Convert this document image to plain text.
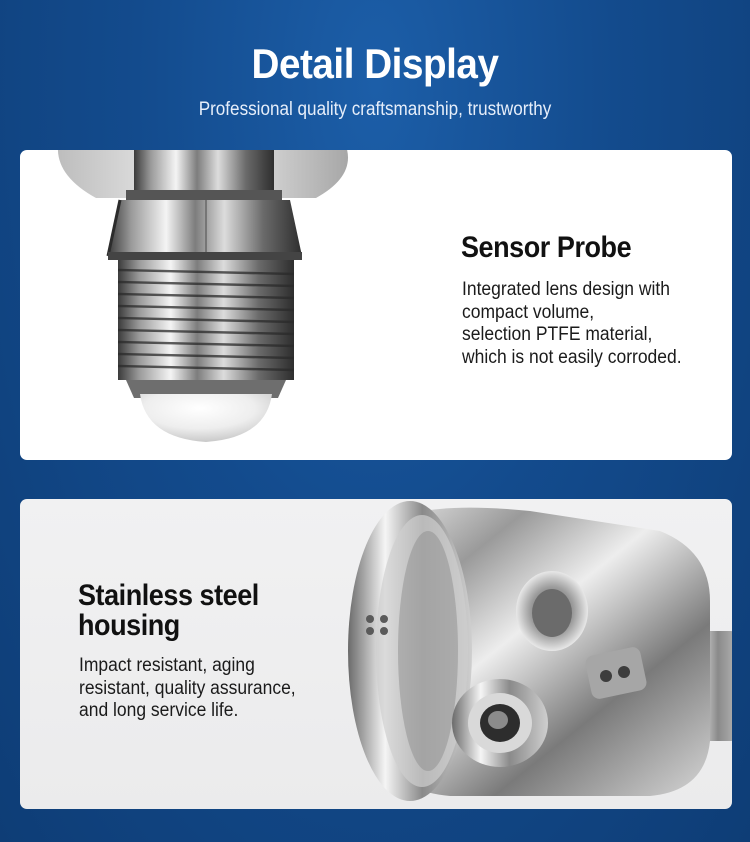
Detail Display
Professional quality craftsmanship, trustworthy
Sensor Probe
Integrated lens design with
compact volume,
selection PTFE material,
which is not easily corroded.
Stainless steel
housing
Impact resistant, aging
resistant, quality assurance,
and long service life.
